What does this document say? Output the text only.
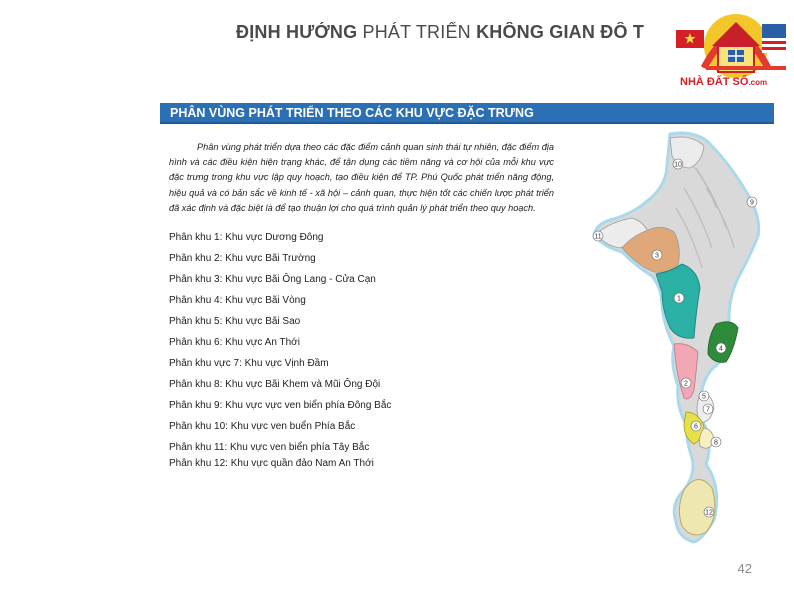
ĐỊNH HƯỚNG PHÁT TRIỂN KHÔNG GIAN ĐÔ T
NHÀ ĐẤT SỐ.com
PHÂN VÙNG PHÁT TRIỂN THEO CÁC KHU VỰC ĐẶC TRƯNG

Phân vùng phát triển dựa theo các đặc điểm cảnh quan sinh thái tự nhiên, đặc điểm địa hình và các điều kiện hiện trạng khác, để tận dụng các tiềm năng và cơ hội của mỗi khu vực đặc trưng trong khu vực lập quy hoạch, tạo điều kiện để TP. Phú Quốc phát triển năng động, hiệu quả và có bản sắc về kinh tế - xã hội – cảnh quan, thực hiện tốt các chiến lược phát triển đã xác định và đặc biệt là để tạo thuận lợi cho quá trình quản lý phát triển theo quy hoạch.

Phân khu 1: Khu vực Dương Đông
Phân khu 2: Khu vực Bãi Trường
Phân khu 3: Khu vực Bãi Ông Lang - Cửa Cạn
Phân khu 4: Khu vực Bãi Vòng
Phân khu 5: Khu vực Bãi Sao
Phân khu 6: Khu vực An Thới
Phân khu vực 7: Khu vực Vịnh Đầm
Phân khu 8: Khu vực Bãi Khem và Mũi Ông Đội
Phân khu 9: Khu vực vực ven biển phía Đông Bắc
Phân khu 10: Khu vực ven buển Phía Bắc
Phân khu 11: Khu vực ven biển phía Tây Bắc
Phân khu 12: Khu vực quần đảo Nam An Thới
10
9
11
3
1
4
2
5
7
6
8
12
42
